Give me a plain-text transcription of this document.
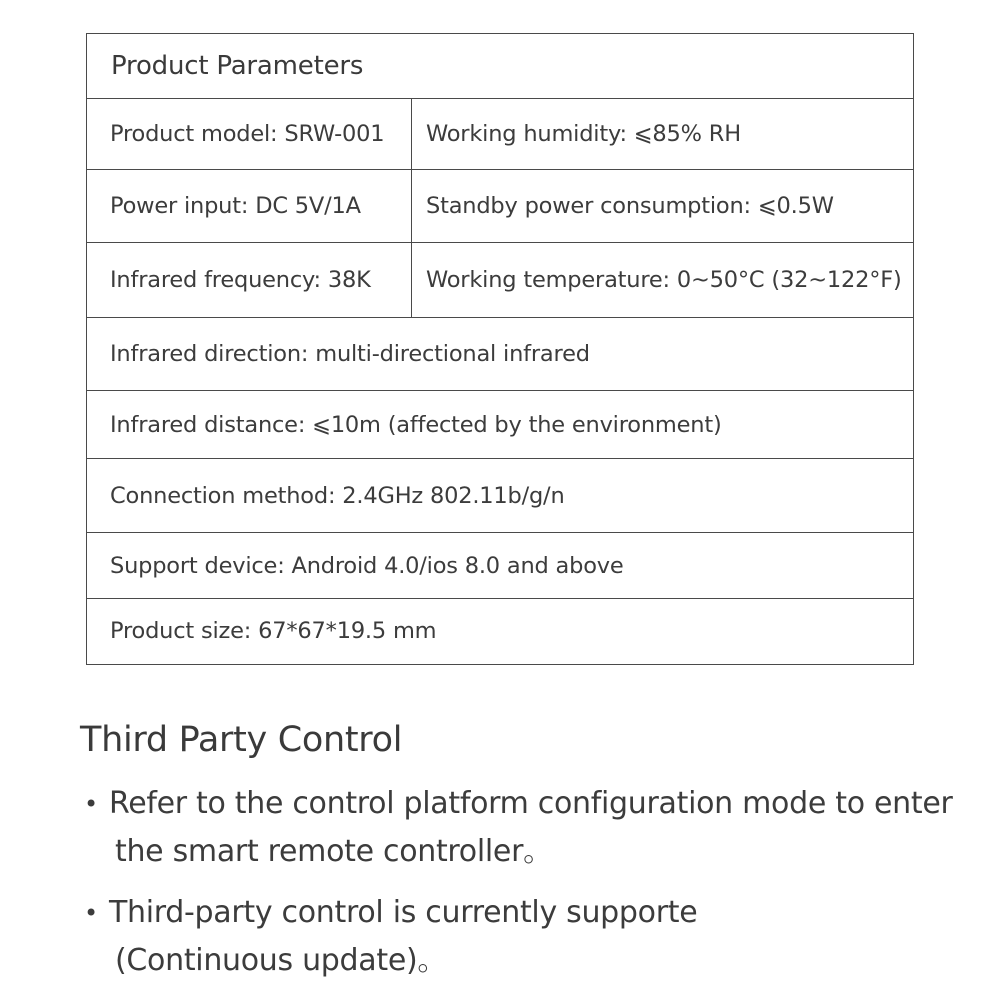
Product Parameters
Product model: SRW-001	Working humidity: ⩽85% RH
Power input: DC 5V/1A	Standby power consumption: ⩽0.5W
Infrared frequency: 38K	Working temperature: 0~50°C (32~122°F)
Infrared direction: multi-directional infrared
Infrared distance: ⩽10m (affected by the environment)
Connection method: 2.4GHz 802.11b/g/n
Support device: Android 4.0/ios 8.0 and above
Product size: 67*67*19.5 mm
Third Party Control
• Refer to the control platform configuration mode to enter
the smart remote controller。
• Third-party control is currently supporte
(Continuous update)。
